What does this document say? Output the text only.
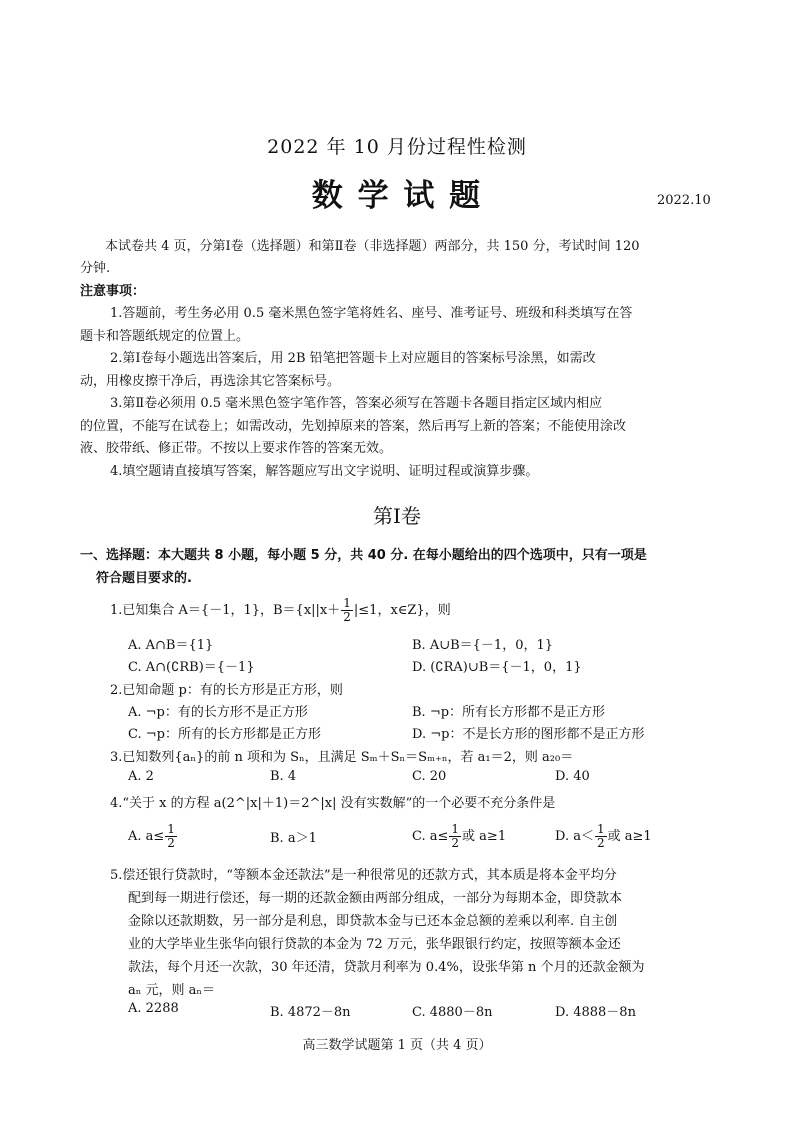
2022 年 10 月份过程性检测
数 学 试 题	2022.10
本试卷共 4 页，分第Ⅰ卷（选择题）和第Ⅱ卷（非选择题）两部分，共 150 分，考试时间 120
分钟.
注意事项：
1.答题前，考生务必用 0.5 毫米黑色签字笔将姓名、座号、准考证号、班级和科类填写在答
题卡和答题纸规定的位置上。
2.第Ⅰ卷每小题选出答案后，用 2B 铅笔把答题卡上对应题目的答案标号涂黑，如需改
动，用橡皮擦干净后，再选涂其它答案标号。
3.第Ⅱ卷必须用 0.5 毫米黑色签字笔作答，答案必须写在答题卡各题目指定区域内相应
的位置，不能写在试卷上；如需改动，先划掉原来的答案，然后再写上新的答案；不能使用涂改
液、胶带纸、修正带。不按以上要求作答的答案无效。
4.填空题请直接填写答案，解答题应写出文字说明、证明过程或演算步骤。
第Ⅰ卷
一、选择题：本大题共 8 小题，每小题 5 分，共 40 分. 在每小题给出的四个选项中，只有一项是
符合题目要求的.
1.已知集合 A＝{－1，1}，$B=\{x||x+ \frac{1}{2} |\le 1$，x∈Z}，则
A. A∩B＝{1}	B. A∪B＝{－1，0，1}
C. A∩(∁RB)＝{－1}	D. (∁RA)∪B＝{－1，0，1}
2.已知命题 p：有的长方形是正方形，则
A. ¬p：有的长方形不是正方形	B. ¬p：所有长方形都不是正方形
C. ¬p：所有的长方形都是正方形	D. ¬p：不是长方形的图形都不是正方形
3.已知数列{aₙ}的前 n 项和为 Sₙ，且满足 Sₘ＋Sₙ＝Sₘ₊ₙ，若 a₁＝2，则 a₂₀＝
A. 2	B. 4	C. 20	D. 40
4.“关于 x 的方程 a(2^|x|＋1)＝2^|x| 没有实数解”的一个必要不充分条件是
A. $a\le \frac{1}{2}$	B. a＞1	C. $a\le \frac{1}{2}$ 或 a≥1	D. $a< \frac{1}{2}$ 或 a≥1
5.偿还银行贷款时，“等额本金还款法”是一种很常见的还款方式，其本质是将本金平均分
配到每一期进行偿还，每一期的还款金额由两部分组成，一部分为每期本金，即贷款本
金除以还款期数，另一部分是利息，即贷款本金与已还本金总额的差乘以利率. 自主创
业的大学毕业生张华向银行贷款的本金为 72 万元，张华跟银行约定，按照等额本金还
款法，每个月还一次款，30 年还清，贷款月利率为 0.4%，设张华第 n 个月的还款金额为
aₙ 元，则 aₙ＝
A. 2288	B. 4872－8n	C. 4880－8n	D. 4888－8n
高三数学试题第 1 页（共 4 页）
